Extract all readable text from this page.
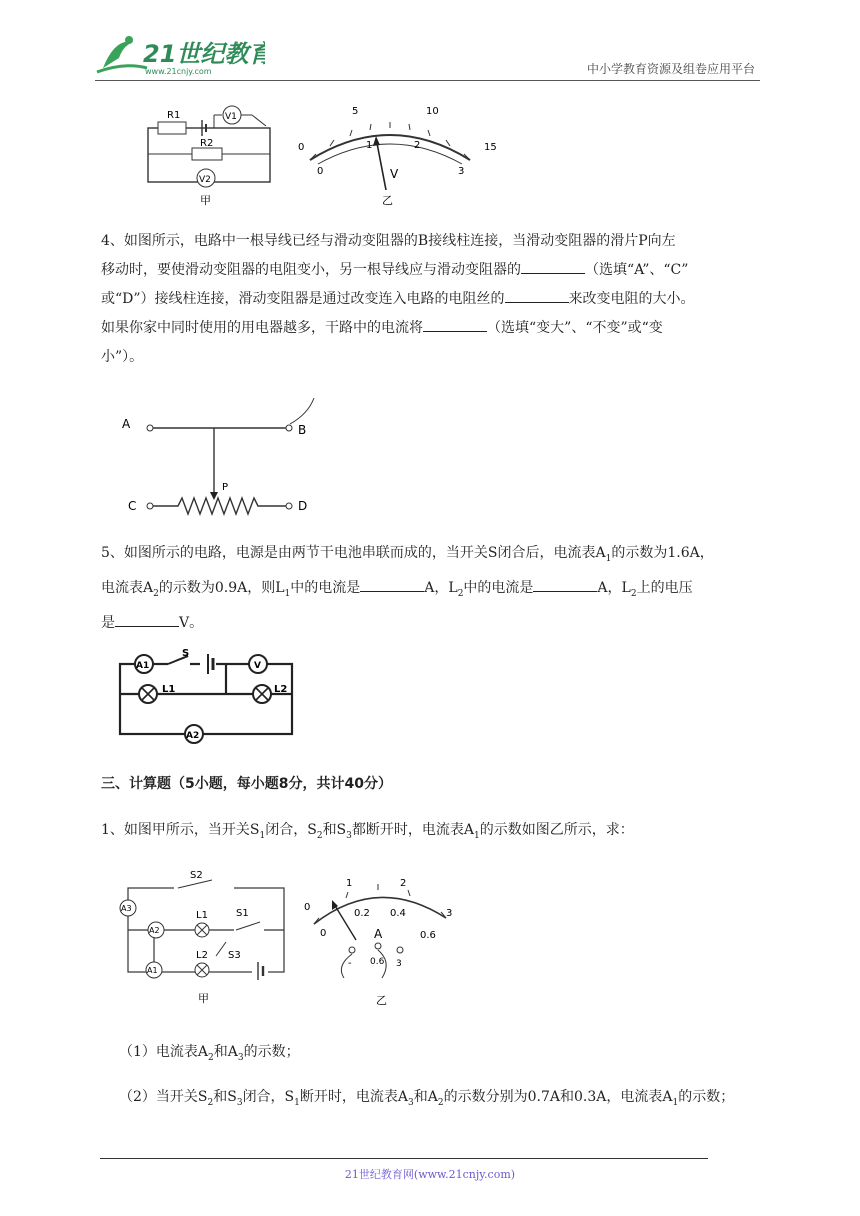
21世纪教育
www.21cnjy.com	中小学教育资源及组卷应用平台
R1	V1
R2
V2
甲
0
5	10
15
0
1	2
3
V
乙
4、如图所示，电路中一根导线已经与滑动变阻器的B接线柱连接，当滑动变阻器的滑片P向左
移动时，要使滑动变阻器的电阻变小，另一根导线应与滑动变阻器的	（选填“A”、“C”
或“D”）接线柱连接，滑动变阻器是通过改变连入电路的电阻丝的	来改变电阻的大小。
如果你家中同时使用的用电器越多，干路中的电流将	（选填“变大”、“不变”或“变
小”）。
A	B
P
C	D
5、如图所示的电路，电源是由两节干电池串联而成的，当开关S闭合后，电流表$A_1$的示数为1.6A，
电流表$A_2$的示数为0.9A，则$L_1$中的电流是	A，$L_2$中的电流是	A，$L_2$上的电压
是	V。
A1
S
V
L1	L2
A2
三、计算题（5小题，每小题8分，共计40分）
1、如图甲所示，当开关$S_1$闭合，$S_2$和$S_3$都断开时，电流表$A_1$的示数如图乙所示，求：
S2
A3
A2
L1	S1
A1
L2 S3
甲
0
1	2
3
0
0.2 0.4
0.6
A
- 0.6 3
乙
（1）电流表$A_2$和$A_3$的示数；
（2）当开关$S_2$和$S_3$闭合，$S_1$断开时，电流表$A_3$和$A_2$的示数分别为0.7A和0.3A，电流表$A_1$的示数；
21世纪教育网(www.21cnjy.com)
